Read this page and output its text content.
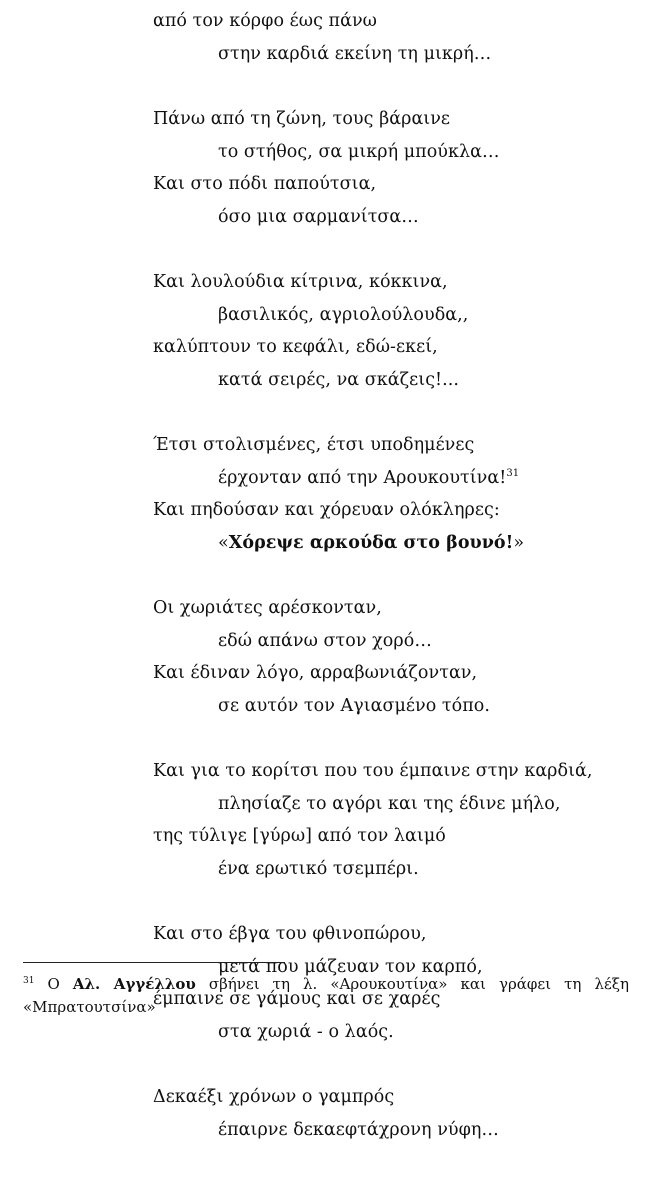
από τον κόρφο έως πάνω
στην καρδιά εκείνη τη μικρή…
Πάνω από τη ζώνη, τους βάραινε
το στήθος, σα μικρή μπούκλα…
Και στο πόδι παπούτσια,
όσο μια σαρμανίτσα…
Και λουλούδια κίτρινα, κόκκινα,
βασιλικός, αγριολούλουδα,,
καλύπτουν το κεφάλι, εδώ-εκεί,
κατά σειρές, να σκάζεις!...
Έτσι στολισμένες, έτσι υποδημένες
έρχονταν από την Αρουκουτίνα!$^{31}$
Και πηδούσαν και χόρευαν ολόκληρες:
«Χόρεψε αρκούδα στο βουνό!»
Οι χωριάτες αρέσκονταν,
εδώ απάνω στον χορό…
Και έδιναν λόγο, αρραβωνιάζονταν,
σε αυτόν τον Αγιασμένο τόπο.
Και για το κορίτσι που του έμπαινε στην καρδιά,
πλησίαζε το αγόρι και της έδινε μήλο,
της τύλιγε [γύρω] από τον λαιμό
ένα ερωτικό τσεμπέρι.
Και στο έβγα του φθινοπώρου,
μετά που μάζευαν τον καρπό,
έμπαινε σε γάμους και σε χαρές
στα χωριά - ο λαός.
Δεκαέξι χρόνων ο γαμπρός
έπαιρνε δεκαεφτάχρονη νύφη…
$^{31}$ Ο Αλ. Αγγέλλου σβήνει τη λ. «Αρουκουτίνα» και γράφει τη λέξη «Μπρατουτσίνα»
